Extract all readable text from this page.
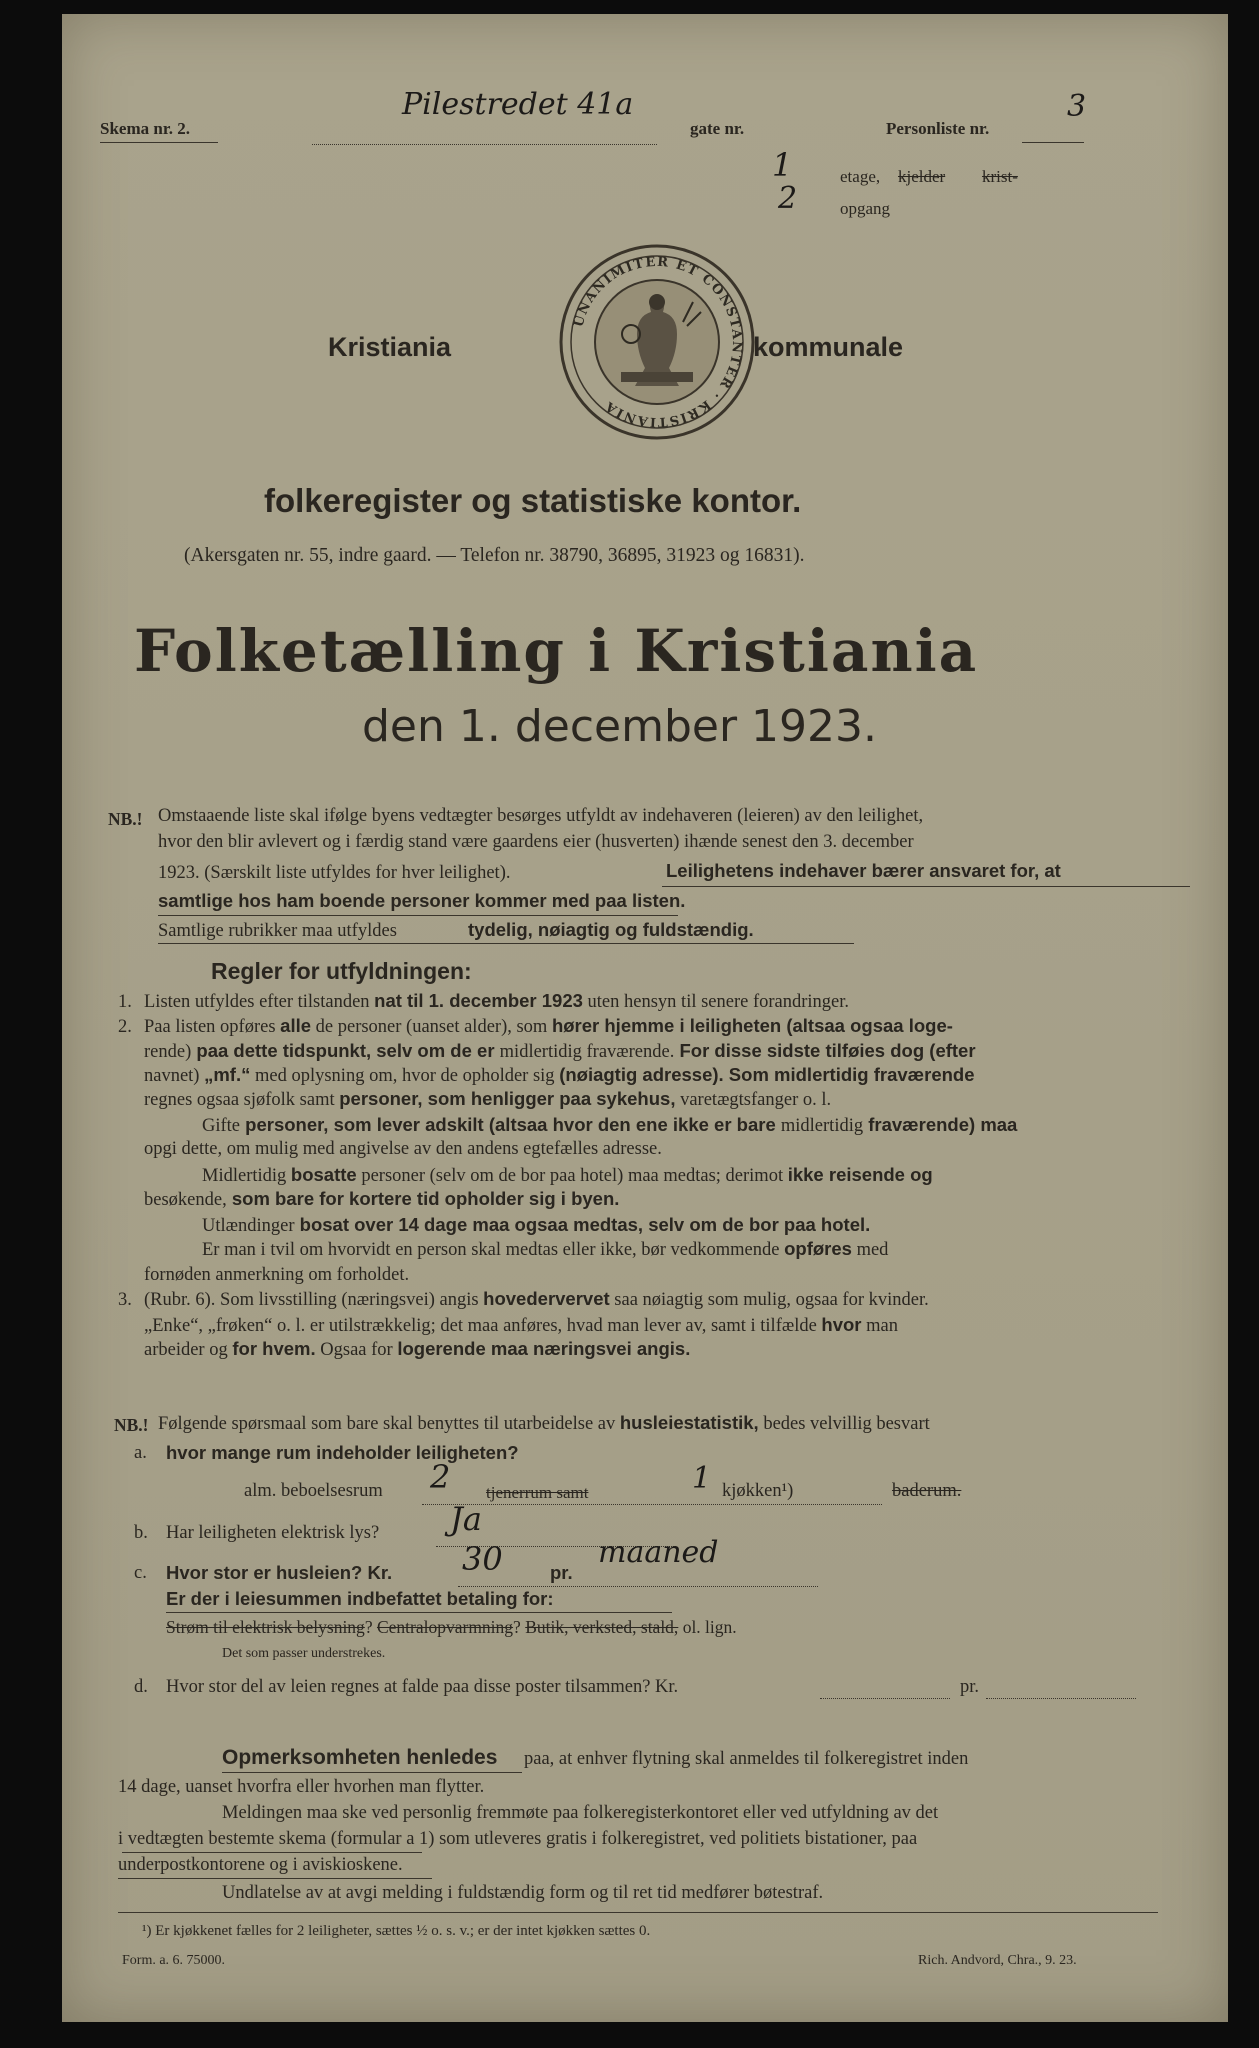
Skema nr. 2.
Pilestredet 41a
gate nr.	Personliste nr.
3
1	etage, kjelder krist-
2	opgang
Kristiania	kommunale
UNANIMITER ET CONSTANTER · KRISTIANIA
folkeregister og statistiske kontor.
(Akersgaten nr. 55, indre gaard. — Telefon nr. 38790, 36895, 31923 og 16831).
Folketælling i Kristiania
den 1. december 1923.
NB.! Omstaaende liste skal ifølge byens vedtægter besørges utfyldt av indehaveren (leieren) av den leilighet,
hvor den blir avlevert og i færdig stand være gaardens eier (husverten) ihænde senest den 3. december
1923. (Særskilt liste utfyldes for hver leilighet).	Leilighetens indehaver bærer ansvaret for, at
samtlige hos ham boende personer kommer med paa listen.
Samtlige rubrikker maa utfyldes	tydelig, nøiagtig og fuldstændig.
Regler for utfyldningen:
1. Listen utfyldes efter tilstanden nat til 1. december 1923 uten hensyn til senere forandringer.
2. Paa listen opføres alle de personer (uanset alder), som hører hjemme i leiligheten (altsaa ogsaa loge-
rende) paa dette tidspunkt, selv om de er midlertidig fraværende. For disse sidste tilføies dog (efter
navnet) „mf.“ med oplysning om, hvor de opholder sig (nøiagtig adresse). Som midlertidig fraværende
regnes ogsaa sjøfolk samt personer, som henligger paa sykehus, varetægtsfanger o. l.
Gifte personer, som lever adskilt (altsaa hvor den ene ikke er bare midlertidig fraværende) maa
opgi dette, om mulig med angivelse av den andens egtefælles adresse.
Midlertidig bosatte personer (selv om de bor paa hotel) maa medtas; derimot ikke reisende og
besøkende, som bare for kortere tid opholder sig i byen.
Utlændinger bosat over 14 dage maa ogsaa medtas, selv om de bor paa hotel.
Er man i tvil om hvorvidt en person skal medtas eller ikke, bør vedkommende opføres med
fornøden anmerkning om forholdet.
3. (Rubr. 6). Som livsstilling (næringsvei) angis hovedervervet saa nøiagtig som mulig, ogsaa for kvinder.
„Enke“, „frøken“ o. l. er utilstrækkelig; det maa anføres, hvad man lever av, samt i tilfælde hvor man
arbeider og for hvem. Ogsaa for logerende maa næringsvei angis.
NB.! Følgende spørsmaal som bare skal benyttes til utarbeidelse av husleiestatistik, bedes velvillig besvart
a. hvor mange rum indeholder leiligheten?
alm. beboelsesrum 2 tjenerrum samt	1 kjøkken¹)	baderum.
b. Har leiligheten elektrisk lys? Ja
c. Hvor stor er husleien? Kr. 30	pr.
maaned
Er der i leiesummen indbefattet betaling for:
Strøm til elektrisk belysning? Centralopvarmning? Butik, verksted, stald, ol. lign.
Det som passer understrekes.
d. Hvor stor del av leien regnes at falde paa disse poster tilsammen? Kr.	pr.
Opmerksomheten henledes paa, at enhver flytning skal anmeldes til folkeregistret inden
14 dage, uanset hvorfra eller hvorhen man flytter.
Meldingen maa ske ved personlig fremmøte paa folkeregisterkontoret eller ved utfyldning av det
i vedtægten bestemte skema (formular a 1) som utleveres gratis i folkeregistret, ved politiets bistationer, paa
underpostkontorene og i aviskioskene.
Undlatelse av at avgi melding i fuldstændig form og til ret tid medfører bøtestraf.
¹) Er kjøkkenet fælles for 2 leiligheter, sættes ½ o. s. v.; er der intet kjøkken sættes 0.
Form. a. 6. 75000.	Rich. Andvord, Chra., 9. 23.
